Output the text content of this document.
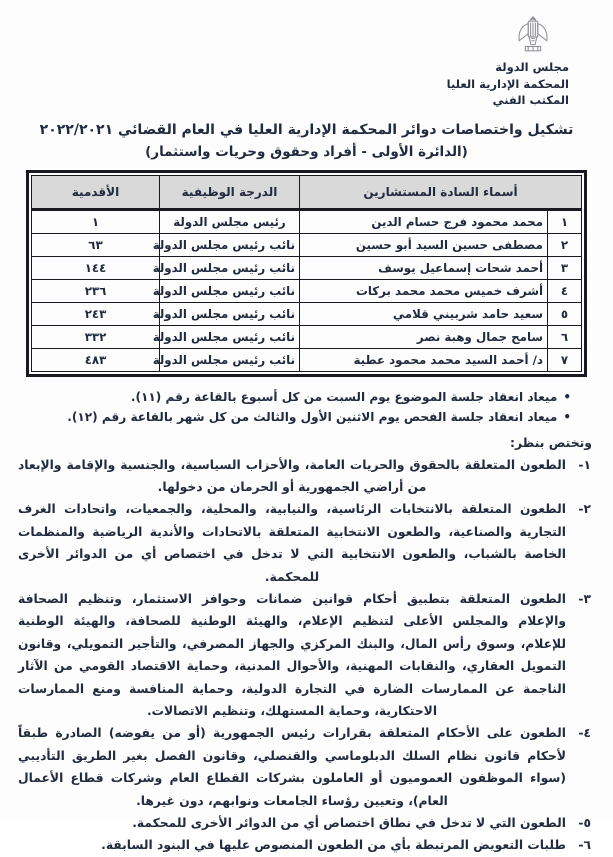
مجلس الدولة
المحكمة الإدارية العليا
المكتب الفني
تشكيل واختصاصات دوائر المحكمة الإدارية العليا في العام القضائي ٢٠٢٢/٢٠٢١
(الدائرة الأولى - أفراد وحقوق وحريات واستثمار)
أسماء السادة المستشارين		الدرجة الوظيفية	الأقدمية
١	محمد محمود فرج حسام الدين	رئيس مجلس الدولة	١
٢	مصطفى حسين السيد أبو حسين	نائب رئيس مجلس الدولة	٦٣
٣	أحمد شحات إسماعيل يوسف	نائب رئيس مجلس الدولة	١٤٤
٤	أشرف خميس محمد محمد بركات	نائب رئيس مجلس الدولة	٢٣٦
٥	سعيد حامد شربيني قلامي	نائب رئيس مجلس الدولة	٢٤٣
٦	سامح جمال وهبة نصر	نائب رئيس مجلس الدولة	٣٣٢
٧	د/ أحمد السيد محمد محمود عطية	نائب رئيس مجلس الدولة	٤٨٣
•ميعاد انعقاد جلسة الموضوع يوم السبت من كل أسبوع بالقاعة رقم (١١).
•ميعاد انعقاد جلسة الفحص يوم الاثنين الأول والثالث من كل شهر بالقاعة رقم (١٢).
وتختص بنظر:
١-
الطعون المتعلقة بالحقوق والحريات العامة، والأحزاب السياسية، والجنسية والإقامة والإبعاد من أراضي الجمهورية أو الحرمان من دخولها.
٢-
الطعون المتعلقة بالانتخابات الرئاسية، والنيابية، والمحلية، والجمعيات، واتحادات الغرف التجارية والصناعية، والطعون الانتخابية المتعلقة بالاتحادات والأندية الرياضية والمنظمات الخاصة بالشباب، والطعون الانتخابية التي لا تدخل في اختصاص أي من الدوائر الأخرى للمحكمة.
٣-
الطعون المتعلقة بتطبيق أحكام قوانين ضمانات وحوافز الاستثمار، وتنظيم الصحافة والإعلام والمجلس الأعلى لتنظيم الإعلام، والهيئة الوطنية للصحافة، والهيئة الوطنية للإعلام، وسوق رأس المال، والبنك المركزي والجهاز المصرفي، والتأجير التمويلي، وقانون التمويل العقاري، والنقابات المهنية، والأحوال المدنية، وحماية الاقتصاد القومي من الآثار الناجمة عن الممارسات الضارة في التجارة الدولية، وحماية المنافسة ومنع الممارسات الاحتكارية، وحماية المستهلك، وتنظيم الاتصالات.
٤-
الطعون على الأحكام المتعلقة بقرارات رئيس الجمهورية (أو من يفوضه) الصادرة طبقاً لأحكام قانون نظام السلك الدبلوماسي والقنصلي، وقانون الفصل بغير الطريق التأديبي (سواء الموظفون العموميون أو العاملون بشركات القطاع العام وشركات قطاع الأعمال العام)، وتعيين رؤساء الجامعات ونوابهم، دون غيرها.
٥-
الطعون التي لا تدخل في نطاق اختصاص أي من الدوائر الأخرى للمحكمة.
٦-
طلبات التعويض المرتبطة بأي من الطعون المنصوص عليها في البنود السابقة.
